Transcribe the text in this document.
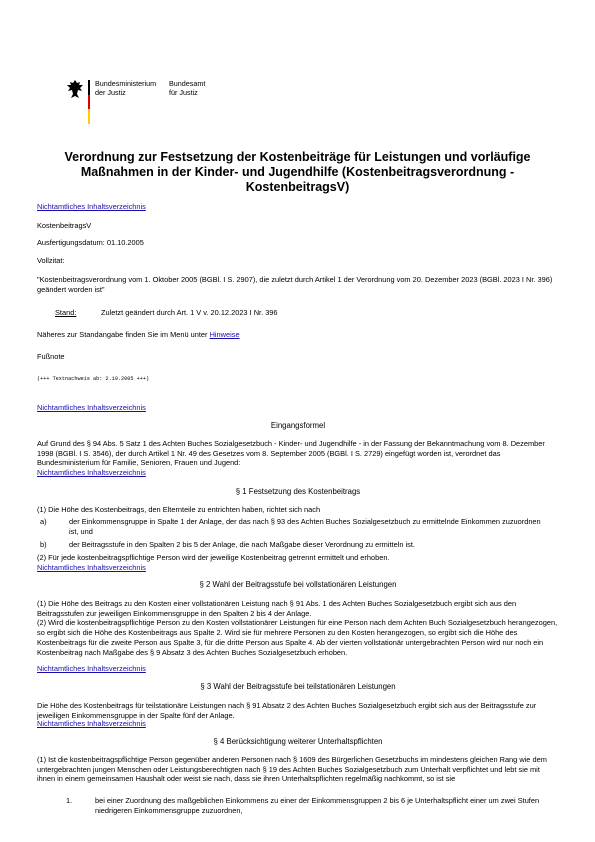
Bundesministerium
der Justiz
Bundesamt
für Justiz
Verordnung zur Festsetzung der Kostenbeiträge für Leistungen und vorläufige Maßnahmen in der Kinder- und Jugendhilfe (Kostenbeitragsverordnung - KostenbeitragsV)
Nichtamtliches Inhaltsverzeichnis
KostenbeitragsV
Ausfertigungsdatum: 01.10.2005
Vollzitat:
"Kostenbeitragsverordnung vom 1. Oktober 2005 (BGBl. I S. 2907), die zuletzt durch Artikel 1 der Verordnung vom 20. Dezember 2023 (BGBl. 2023 I Nr. 396) geändert worden ist"
Stand:	Zuletzt geändert durch Art. 1 V v. 20.12.2023 I Nr. 396
Näheres zur Standangabe finden Sie im Menü unter Hinweise
Fußnote
(+++ Textnachweis ab: 2.10.2005 +++)
Nichtamtliches Inhaltsverzeichnis
Eingangsformel
Auf Grund des § 94 Abs. 5 Satz 1 des Achten Buches Sozialgesetzbuch - Kinder- und Jugendhilfe - in der Fassung der Bekanntmachung vom 8. Dezember 1998 (BGBl. I S. 3546), der durch Artikel 1 Nr. 49 des Gesetzes vom 8. September 2005 (BGBl. I S. 2729) eingefügt worden ist, verordnet das Bundesministerium für Familie, Senioren, Frauen und Jugend:
Nichtamtliches Inhaltsverzeichnis
§ 1 Festsetzung des Kostenbeitrags
(1) Die Höhe des Kostenbeitrags, den Elternteile zu entrichten haben, richtet sich nach
a)	der Einkommensgruppe in Spalte 1 der Anlage, der das nach § 93 des Achten Buches Sozialgesetzbuch zu ermittelnde Einkommen zuzuordnen ist, und
b)	der Beitragsstufe in den Spalten 2 bis 5 der Anlage, die nach Maßgabe dieser Verordnung zu ermitteln ist.
(2) Für jede kostenbeitragspflichtige Person wird der jeweilige Kostenbeitrag getrennt ermittelt und erhoben.
Nichtamtliches Inhaltsverzeichnis
§ 2 Wahl der Beitragsstufe bei vollstationären Leistungen
(1) Die Höhe des Beitrags zu den Kosten einer vollstationären Leistung nach § 91 Abs. 1 des Achten Buches Sozialgesetzbuch ergibt sich aus den Beitragsstufen zur jeweiligen Einkommensgruppe in den Spalten 2 bis 4 der Anlage.
(2) Wird die kostenbeitragspflichtige Person zu den Kosten vollstationärer Leistungen für eine Person nach dem Achten Buch Sozialgesetzbuch herangezogen, so ergibt sich die Höhe des Kostenbeitrags aus Spalte 2. Wird sie für mehrere Personen zu den Kosten herangezogen, so ergibt sich die Höhe des Kostenbeitrags für die zweite Person aus Spalte 3, für die dritte Person aus Spalte 4. Ab der vierten vollstationär untergebrachten Person wird nur noch ein Kostenbeitrag nach Maßgabe des § 9 Absatz 3 des Achten Buches Sozialgesetzbuch erhoben.
Nichtamtliches Inhaltsverzeichnis
§ 3 Wahl der Beitragsstufe bei teilstationären Leistungen
Die Höhe des Kostenbeitrags für teilstationäre Leistungen nach § 91 Absatz 2 des Achten Buches Sozialgesetzbuch ergibt sich aus der Beitragsstufe zur jeweiligen Einkommensgruppe in der Spalte fünf der Anlage.
Nichtamtliches Inhaltsverzeichnis
§ 4 Berücksichtigung weiterer Unterhaltspflichten
(1) Ist die kostenbeitragspflichtige Person gegenüber anderen Personen nach § 1609 des Bürgerlichen Gesetzbuchs im mindestens gleichen Rang wie dem untergebrachten jungen Menschen oder Leistungsberechtigten nach § 19 des Achten Buches Sozialgesetzbuch zum Unterhalt verpflichtet und lebt sie mit ihnen in einem gemeinsamen Haushalt oder weist sie nach, dass sie ihren Unterhaltspflichten regelmäßig nachkommt, so ist sie
1.	bei einer Zuordnung des maßgeblichen Einkommens zu einer der Einkommensgruppen 2 bis 6 je Unterhaltspflicht einer um zwei Stufen niedrigeren Einkommensgruppe zuzuordnen,
